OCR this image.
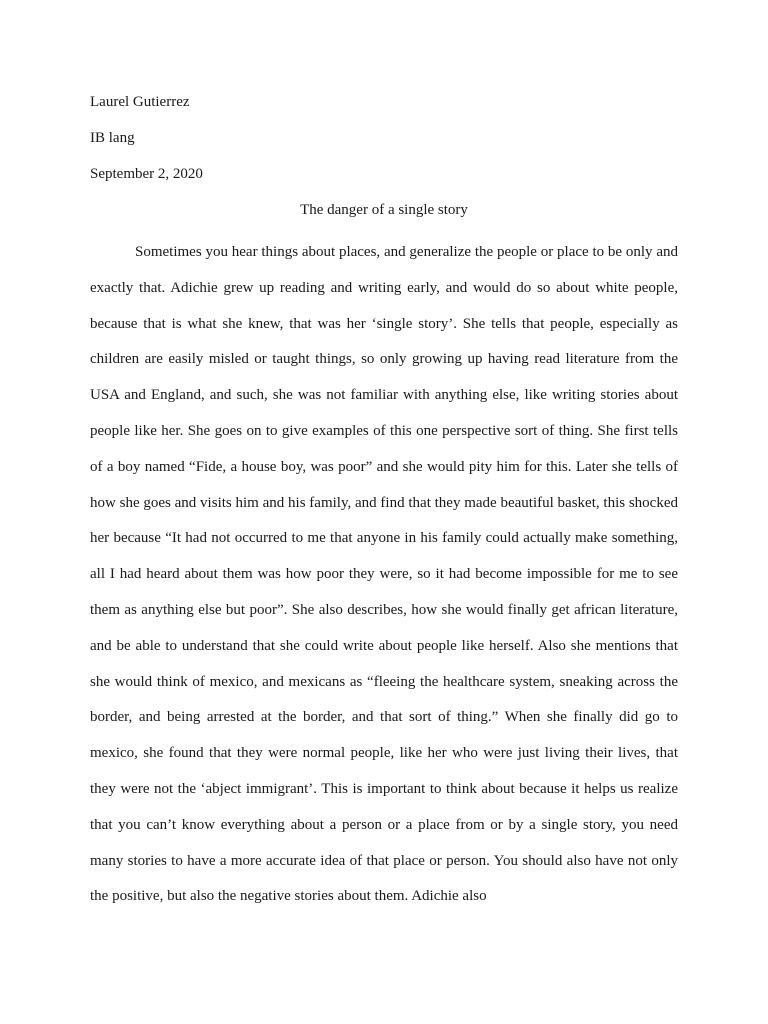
Laurel Gutierrez
IB lang
September 2, 2020
The danger of a single story

Sometimes you hear things about places, and generalize the people or place to be only and exactly that. Adichie grew up reading and writing early, and would do so about white people, because that is what she knew, that was her ‘single story’. She tells that people, especially as children are easily misled or taught things, so only growing up having read literature from the USA and England, and such, she was not familiar with anything else, like writing stories about people like her. She goes on to give examples of this one perspective sort of thing. She first tells of a boy named “Fide, a house boy, was poor” and she would pity him for this. Later she tells of how she goes and visits him and his family, and find that they made beautiful basket, this shocked her because “It had not occurred to me that anyone in his family could actually make something, all I had heard about them was how poor they were, so it had become impossible for me to see them as anything else but poor”. She also describes, how she would finally get african literature, and be able to understand that she could write about people like herself. Also she mentions that she would think of mexico, and mexicans as “fleeing the healthcare system, sneaking across the border, and being arrested at the border, and that sort of thing.” When she finally did go to mexico, she found that they were normal people, like her who were just living their lives, that they were not the ‘abject immigrant’. This is important to think about because it helps us realize that you can’t know everything about a person or a place from or by a single story, you need many stories to have a more accurate idea of that place or person. You should also have not only the positive, but also the negative stories about them. Adichie also
